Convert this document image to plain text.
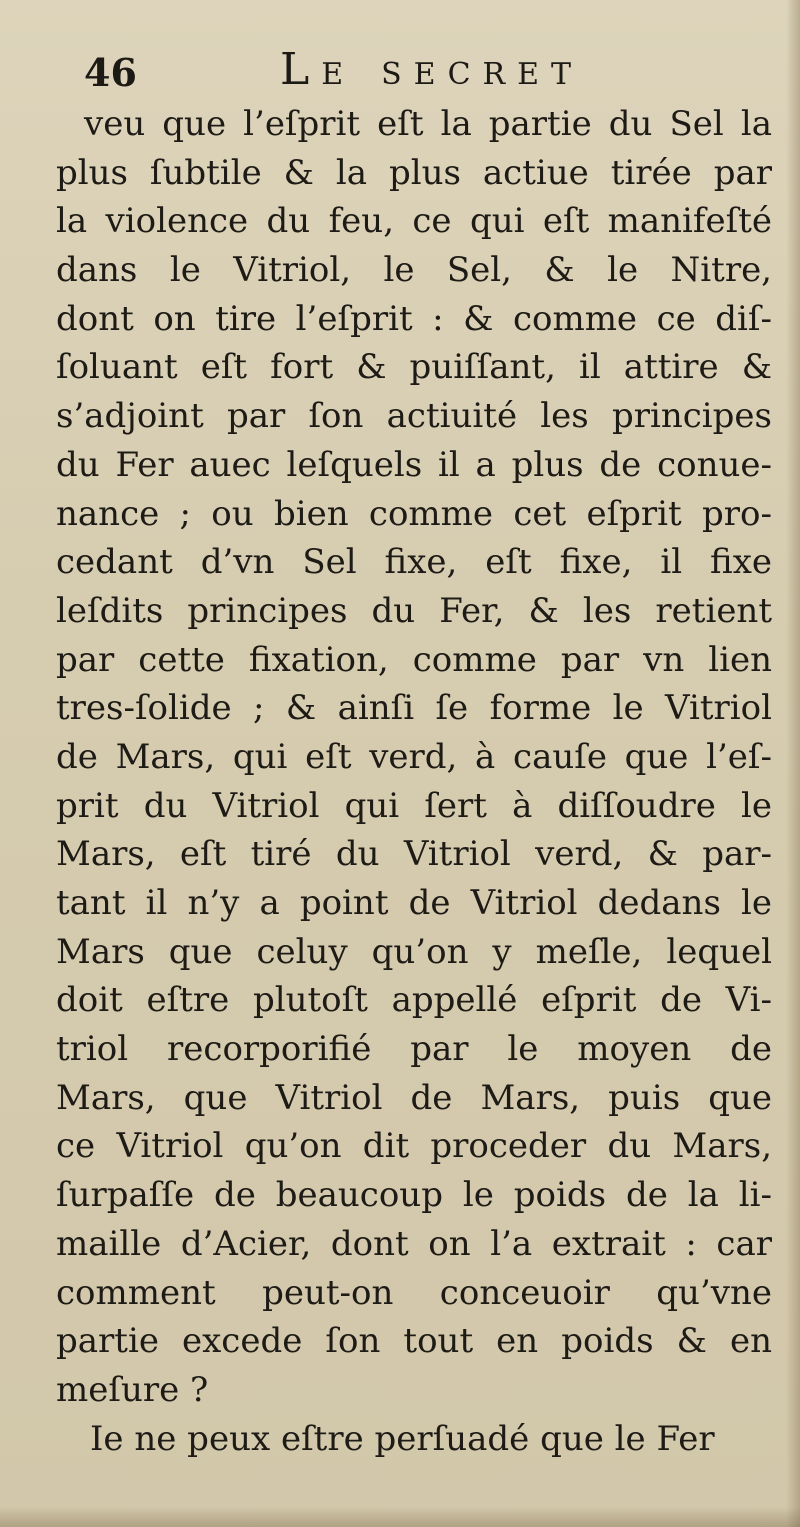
46	LE SECRET
veu que l’eſprit eſt la partie du Sel la
plus ſubtile & la plus actiue tirée par
la violence du feu, ce qui eſt manifeſté
dans le Vitriol, le Sel, & le Nitre,
dont on tire l’eſprit : & comme ce diſ-
ſoluant eſt fort & puiſſant, il attire &
s’adjoint par ſon actiuité les principes
du Fer auec leſquels il a plus de conue-
nance ; ou bien comme cet eſprit pro-
cedant d’vn Sel fixe, eſt fixe, il fixe
leſdits principes du Fer, & les retient
par cette fixation, comme par vn lien
tres-ſolide ; & ainſi ſe forme le Vitriol
de Mars, qui eſt verd, à cauſe que l’eſ-
prit du Vitriol qui ſert à diſſoudre le
Mars, eſt tiré du Vitriol verd, & par-
tant il n’y a point de Vitriol dedans le
Mars que celuy qu’on y meſle, lequel
doit eſtre plutoſt appellé eſprit de Vi-
triol recorporifié par le moyen de
Mars, que Vitriol de Mars, puis que
ce Vitriol qu’on dit proceder du Mars,
ſurpaſſe de beaucoup le poids de la li-
maille d’Acier, dont on l’a extrait : car
comment peut-on conceuoir qu’vne
partie excede ſon tout en poids & en
meſure ?
Ie ne peux eſtre perſuadé que le Fer
